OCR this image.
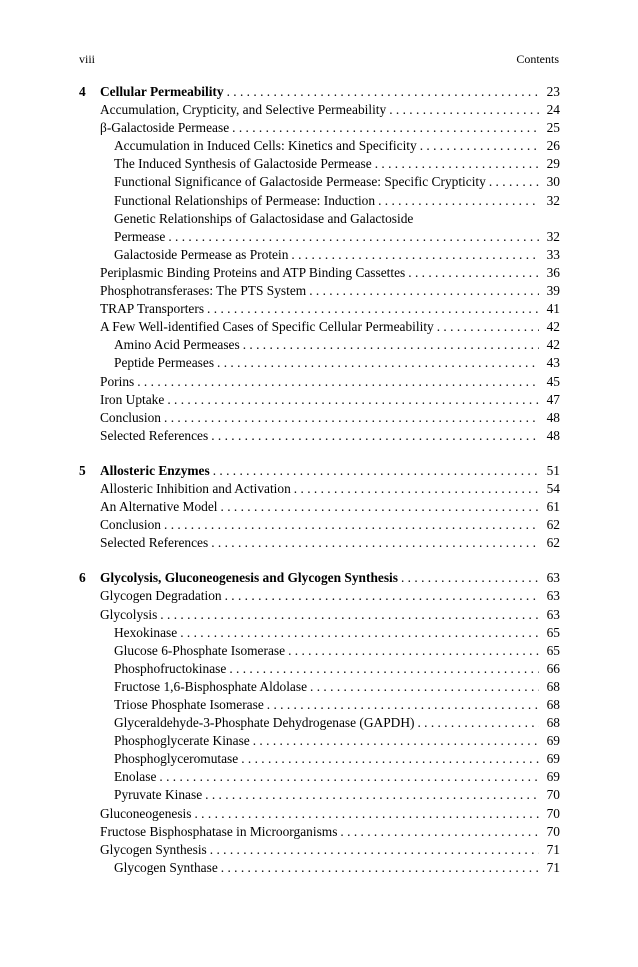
viii	Contents
4 Cellular Permeability . . .	23
Accumulation, Crypticity, and Selective Permeability . . .	24
β-Galactoside Permease . . .	25
Accumulation in Induced Cells: Kinetics and Specificity . . .	26
The Induced Synthesis of Galactoside Permease . . .	29
Functional Significance of Galactoside Permease: Specific Crypticity . . .	30
Functional Relationships of Permease: Induction . . .	32
Genetic Relationships of Galactosidase and Galactoside
Permease . . .	32
Galactoside Permease as Protein . . .	33
Periplasmic Binding Proteins and ATP Binding Cassettes . . .	36
Phosphotransferases: The PTS System . . .	39
TRAP Transporters . . .	41
A Few Well-identified Cases of Specific Cellular Permeability . . .	42
Amino Acid Permeases . . .	42
Peptide Permeases . . .	43
Porins . . .	45
Iron Uptake . . .	47
Conclusion . . .	48
Selected References . . .	48
5 Allosteric Enzymes . . .	51
Allosteric Inhibition and Activation . . .	54
An Alternative Model . . .	61
Conclusion . . .	62
Selected References . . .	62
6 Glycolysis, Gluconeogenesis and Glycogen Synthesis . . .	63
Glycogen Degradation . . .	63
Glycolysis . . .	63
Hexokinase . . .	65
Glucose 6-Phosphate Isomerase . . .	65
Phosphofructokinase . . .	66
Fructose 1,6-Bisphosphate Aldolase . . .	68
Triose Phosphate Isomerase . . .	68
Glyceraldehyde-3-Phosphate Dehydrogenase (GAPDH) . . .	68
Phosphoglycerate Kinase . . .	69
Phosphoglyceromutase . . .	69
Enolase . . .	69
Pyruvate Kinase . . .	70
Gluconeogenesis . . .	70
Fructose Bisphosphatase in Microorganisms . . .	70
Glycogen Synthesis . . .	71
Glycogen Synthase . . .	71
